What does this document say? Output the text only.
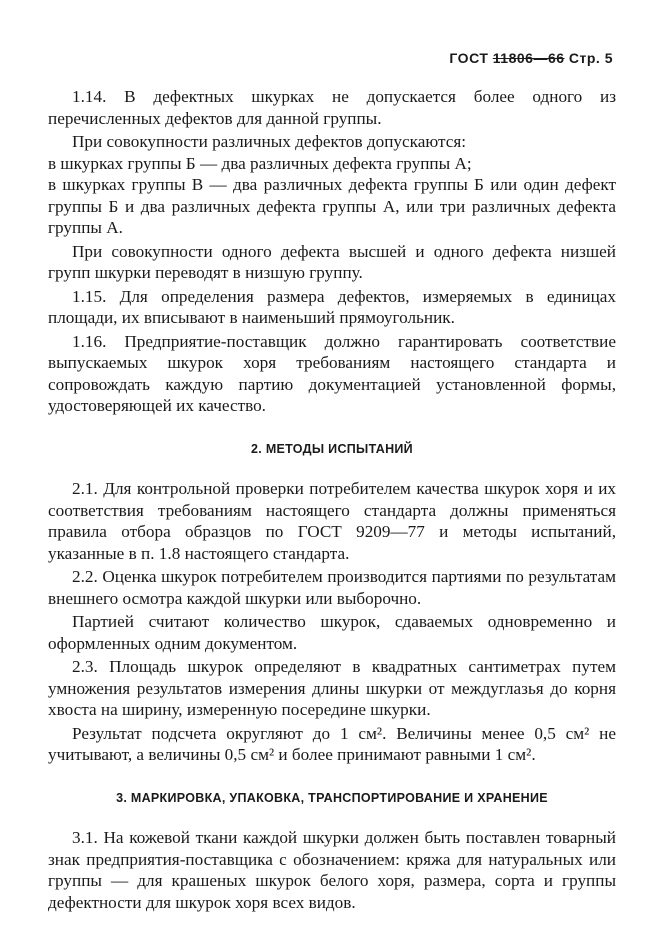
ГОСТ 11806—66 Стр. 5

1.14. В дефектных шкурках не допускается более одного из перечисленных дефектов для данной группы.

При совокупности различных дефектов допускаются:

в шкурках группы Б — два различных дефекта группы А;

в шкурках группы В — два различных дефекта группы Б или один дефект группы Б и два различных дефекта группы А, или три различных дефекта группы А.

При совокупности одного дефекта высшей и одного дефекта низшей групп шкурки переводят в низшую группу.

1.15. Для определения размера дефектов, измеряемых в единицах площади, их вписывают в наименьший прямоугольник.

1.16. Предприятие-поставщик должно гарантировать соответствие выпускаемых шкурок хоря требованиям настоящего стандарта и сопровождать каждую партию документацией установленной формы, удостоверяющей их качество.

2. МЕТОДЫ ИСПЫТАНИЙ

2.1. Для контрольной проверки потребителем качества шкурок хоря и их соответствия требованиям настоящего стандарта должны применяться правила отбора образцов по ГОСТ 9209—77 и методы испытаний, указанные в п. 1.8 настоящего стандарта.

2.2. Оценка шкурок потребителем производится партиями по результатам внешнего осмотра каждой шкурки или выборочно.

Партией считают количество шкурок, сдаваемых одновременно и оформленных одним документом.

2.3. Площадь шкурок определяют в квадратных сантиметрах путем умножения результатов измерения длины шкурки от междуглазья до корня хвоста на ширину, измеренную посередине шкурки.

Результат подсчета округляют до 1 см². Величины менее 0,5 см² не учитывают, а величины 0,5 см² и более принимают равными 1 см².

3. МАРКИРОВКА, УПАКОВКА, ТРАНСПОРТИРОВАНИЕ И ХРАНЕНИЕ

3.1. На кожевой ткани каждой шкурки должен быть поставлен товарный знак предприятия-поставщика с обозначением: кряжа для натуральных или группы — для крашеных шкурок белого хоря, размера, сорта и группы дефектности для шкурок хоря всех видов.
